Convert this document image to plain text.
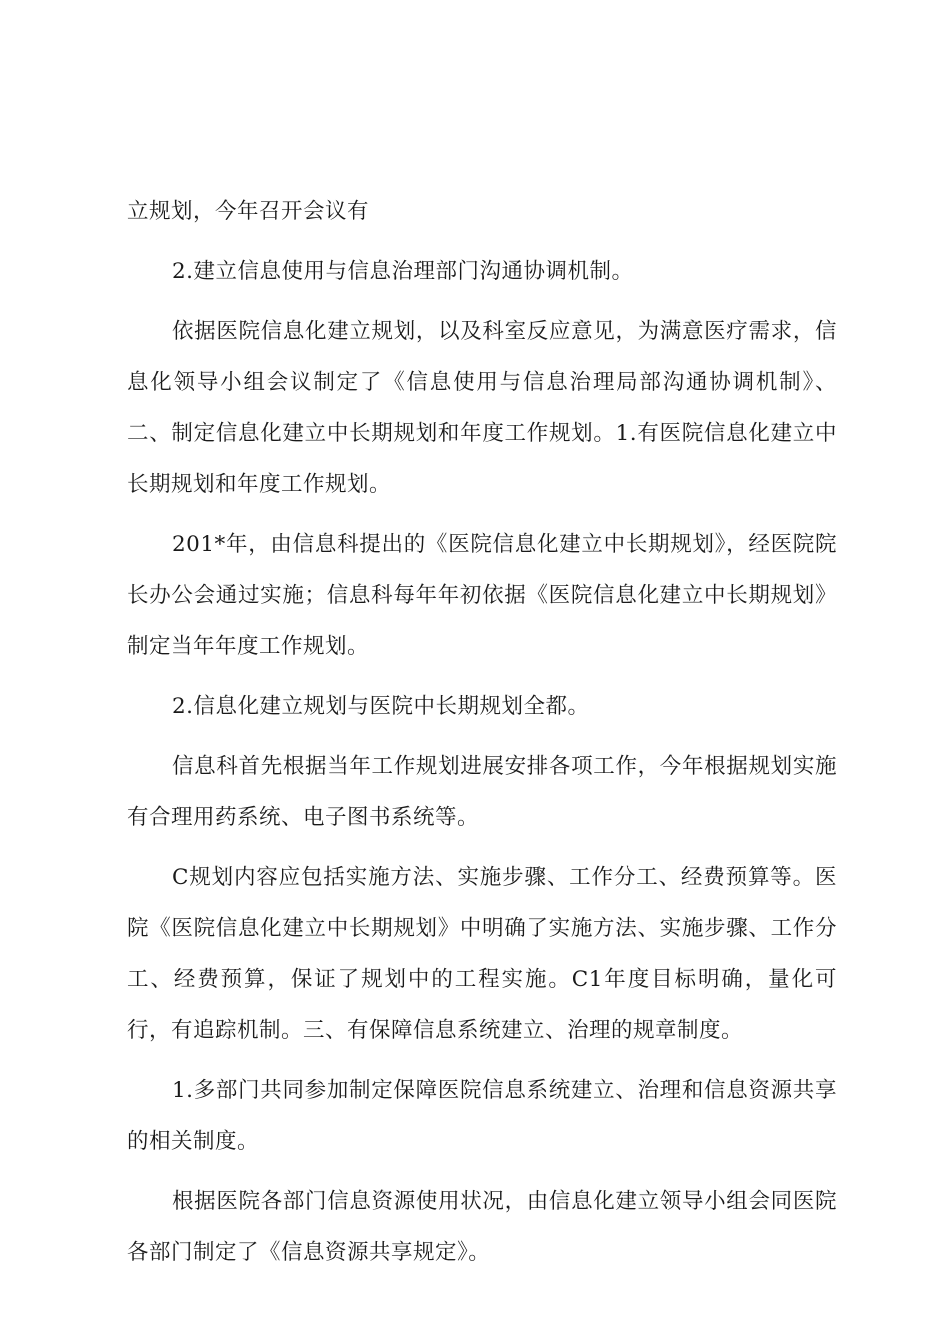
立规划，今年召开会议有

2.建立信息使用与信息治理部门沟通协调机制。

依据医院信息化建立规划，以及科室反应意见，为满意医疗需求，信息化领导小组会议制定了《信息使用与信息治理局部沟通协调机制》、二、制定信息化建立中长期规划和年度工作规划。1.有医院信息化建立中长期规划和年度工作规划。

201*年，由信息科提出的《医院信息化建立中长期规划》，经医院院长办公会通过实施；信息科每年年初依据《医院信息化建立中长期规划》制定当年年度工作规划。

2.信息化建立规划与医院中长期规划全都。

信息科首先根据当年工作规划进展安排各项工作，今年根据规划实施有合理用药系统、电子图书系统等。

C规划内容应包括实施方法、实施步骤、工作分工、经费预算等。医院《医院信息化建立中长期规划》中明确了实施方法、实施步骤、工作分工、经费预算，保证了规划中的工程实施。C1年度目标明确，量化可行，有追踪机制。三、有保障信息系统建立、治理的规章制度。

1.多部门共同参加制定保障医院信息系统建立、治理和信息资源共享的相关制度。

根据医院各部门信息资源使用状况，由信息化建立领导小组会同医院各部门制定了《信息资源共享规定》。
